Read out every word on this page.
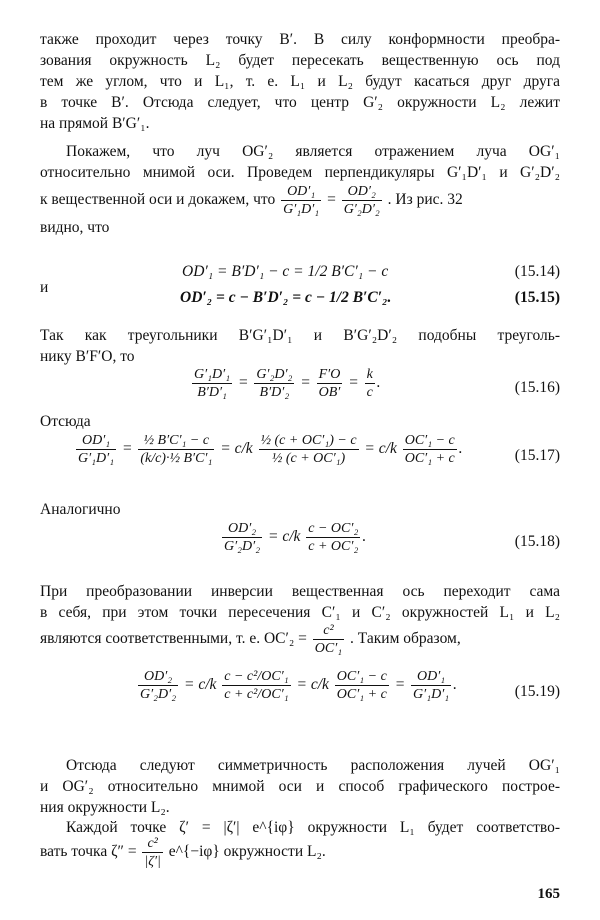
также проходит через точку B′. В силу конформности преобра-
зования окружность L₂ будет пересекать вещественную ось под
тем же углом, что и L₁, т. е. L₁ и L₂ будут касаться друг друга
в точке B′. Отсюда следует, что центр G′₂ окружности L₂ лежит
на прямой B′G′₁.
Покажем, что луч OG′₂ является отражением луча OG′₁
относительно мнимой оси. Проведем перпендикуляры G′₁D′₁ и G′₂D′₂
к вещественной оси и докажем, что $\frac{\text{OD′₁}}{\text{G′₁D′₁}} = \frac{\text{OD′₂}}{\text{G′₂D′₂}}$ . Из рис. 32
видно, что
OD′₁ = B′D′₁ − c = 1/2 B′C′₁ − c	(15.14)
и
OD′₂ = c − B′D′₂ = c − 1/2 B′C′₂.	(15.15)
Так как треугольники B′G′₁D′₁ и B′G′₂D′₂ подобны треуголь-
нику B′F′O, то
$\frac{\text{G′₁D′₁}}{\text{B′D′₁}} = \frac{\text{G′₂D′₂}}{\text{B′D′₂}} = \frac{F'O}{OB'} = \frac{k}{c}$ .	(15.16)
Отсюда
$\frac{\text{OD′₁}}{\text{G′₁D′₁}} = \frac{\text{½ B′C′₁ − c}}{\text{(k/c)·½ B′C′₁}} = c/k \frac{\text{½ (c + OC′₁) − c}}{\text{½ (c + OC′₁)}} = c/k \frac{\text{OC′₁ − c}}{\text{OC′₁ + c}}$ .	(15.17)
Аналогично
$\frac{\text{OD′₂}}{\text{G′₂D′₂}} = c/k \frac{\text{c − OC′₂}}{\text{c + OC′₂}}$ .	(15.18)
При преобразовании инверсии вещественная ось переходит сама
в себя, при этом точки пересечения C′₁ и C′₂ окружностей L₁ и L₂
являются соответственными, т. е. $OC'_2 = \frac{\text{c²}}{\text{OC′₁}}$ . Таким образом,
$\frac{\text{OD′₂}}{\text{G′₂D′₂}} = c/k \frac{\text{c − c²/OC′₁}}{\text{c + c²/OC′₁}} = c/k \frac{\text{OC′₁ − c}}{\text{OC′₁ + c}} = \frac{\text{OD′₁}}{\text{G′₁D′₁}}$ .	(15.19)
Отсюда следуют симметричность расположения лучей OG′₁
и OG′₂ относительно мнимой оси и способ графического построе-
ния окружности L₂.
Каждой точке ζ′ = |ζ′| e^{iφ} окружности L₁ будет соответство-
вать точка $\zeta'' = \frac{\text{c²}}{|\zeta'|}$ e^{−iφ} окружности L₂.
165
